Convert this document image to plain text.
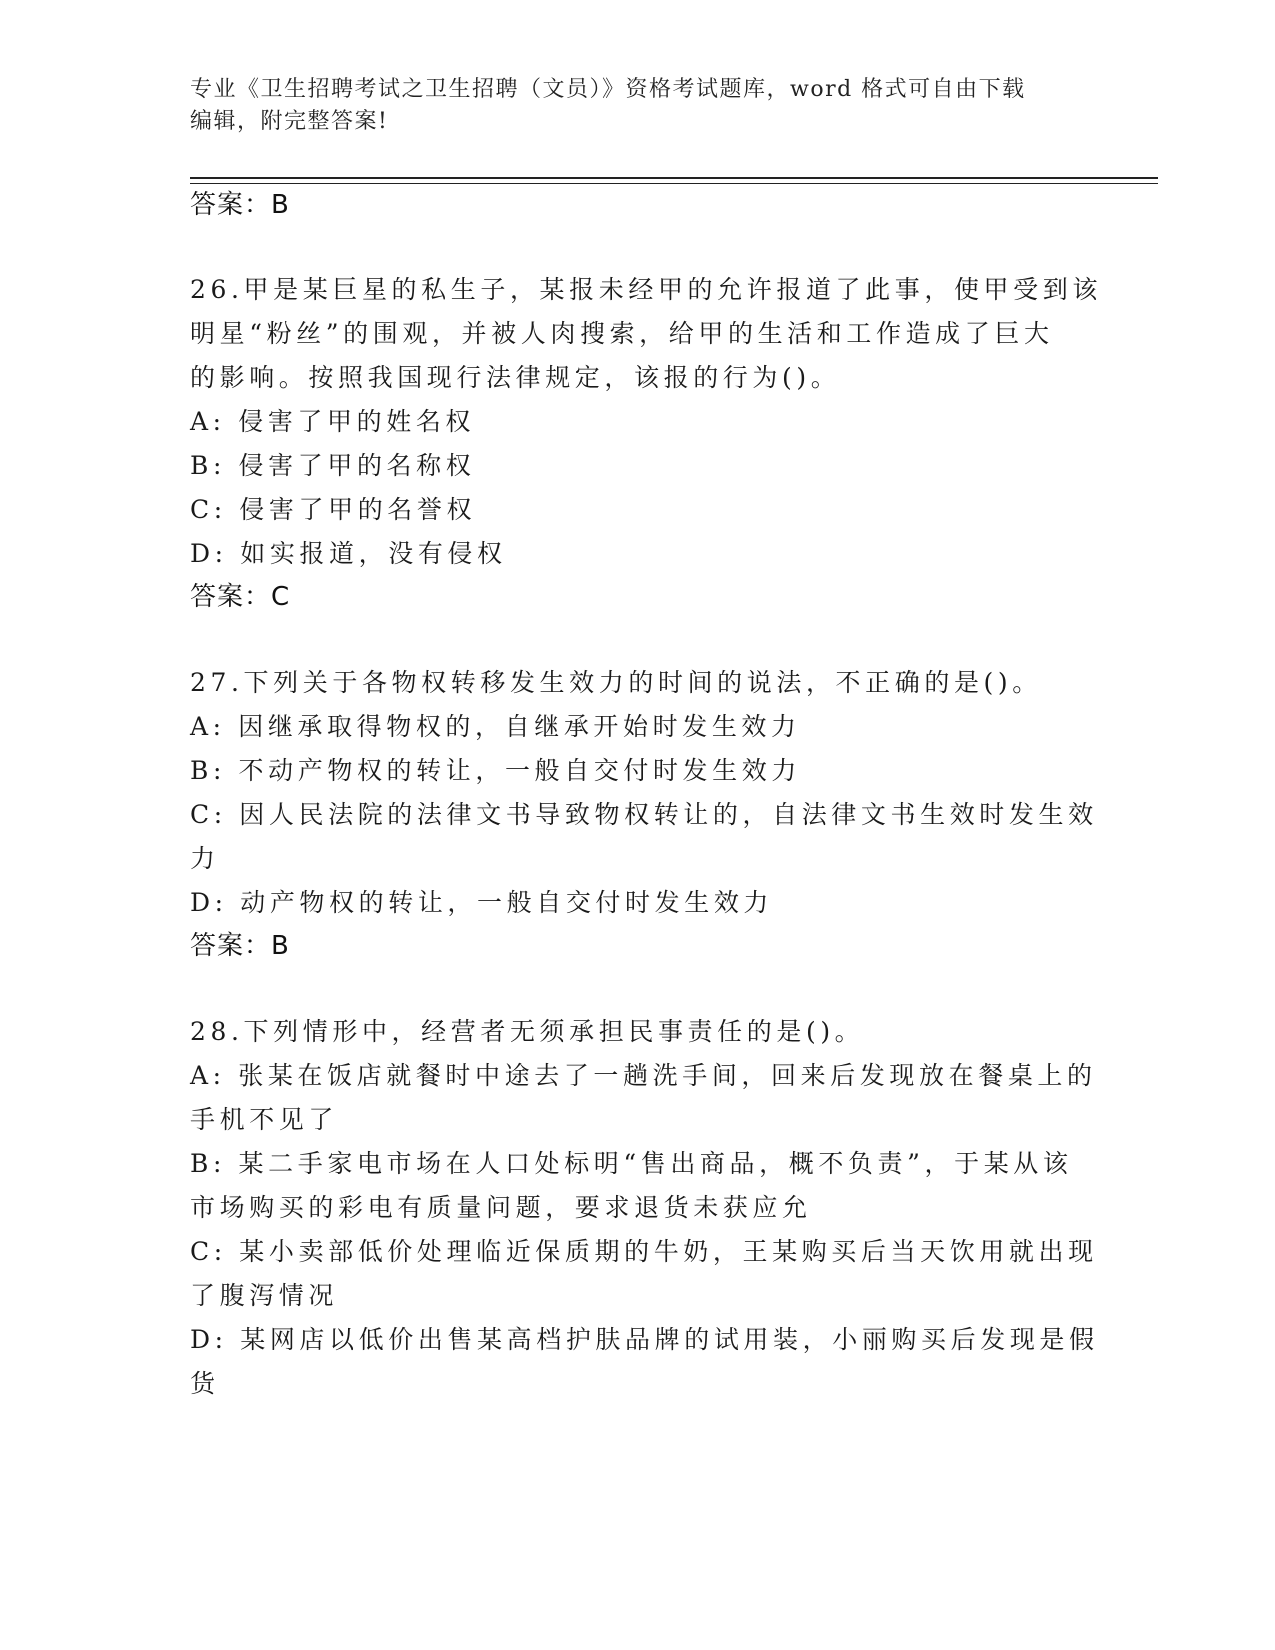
专业《卫生招聘考试之卫生招聘（文员）》资格考试题库，word 格式可自由下载
编辑，附完整答案!
答案：B
26.甲是某巨星的私生子，某报未经甲的允许报道了此事，使甲受到该
明星“粉丝”的围观，并被人肉搜索，给甲的生活和工作造成了巨大
的影响。按照我国现行法律规定，该报的行为()。
A: 侵害了甲的姓名权
B: 侵害了甲的名称权
C: 侵害了甲的名誉权
D: 如实报道，没有侵权
答案：C
27.下列关于各物权转移发生效力的时间的说法，不正确的是()。
A: 因继承取得物权的，自继承开始时发生效力
B: 不动产物权的转让，一般自交付时发生效力
C: 因人民法院的法律文书导致物权转让的，自法律文书生效时发生效
力
D: 动产物权的转让，一般自交付时发生效力
答案：B
28.下列情形中，经营者无须承担民事责任的是()。
A: 张某在饭店就餐时中途去了一趟洗手间，回来后发现放在餐桌上的
手机不见了
B: 某二手家电市场在人口处标明“售出商品，概不负责”，于某从该
市场购买的彩电有质量问题，要求退货未获应允
C: 某小卖部低价处理临近保质期的牛奶，王某购买后当天饮用就出现
了腹泻情况
D: 某网店以低价出售某高档护肤品牌的试用装，小丽购买后发现是假
货
